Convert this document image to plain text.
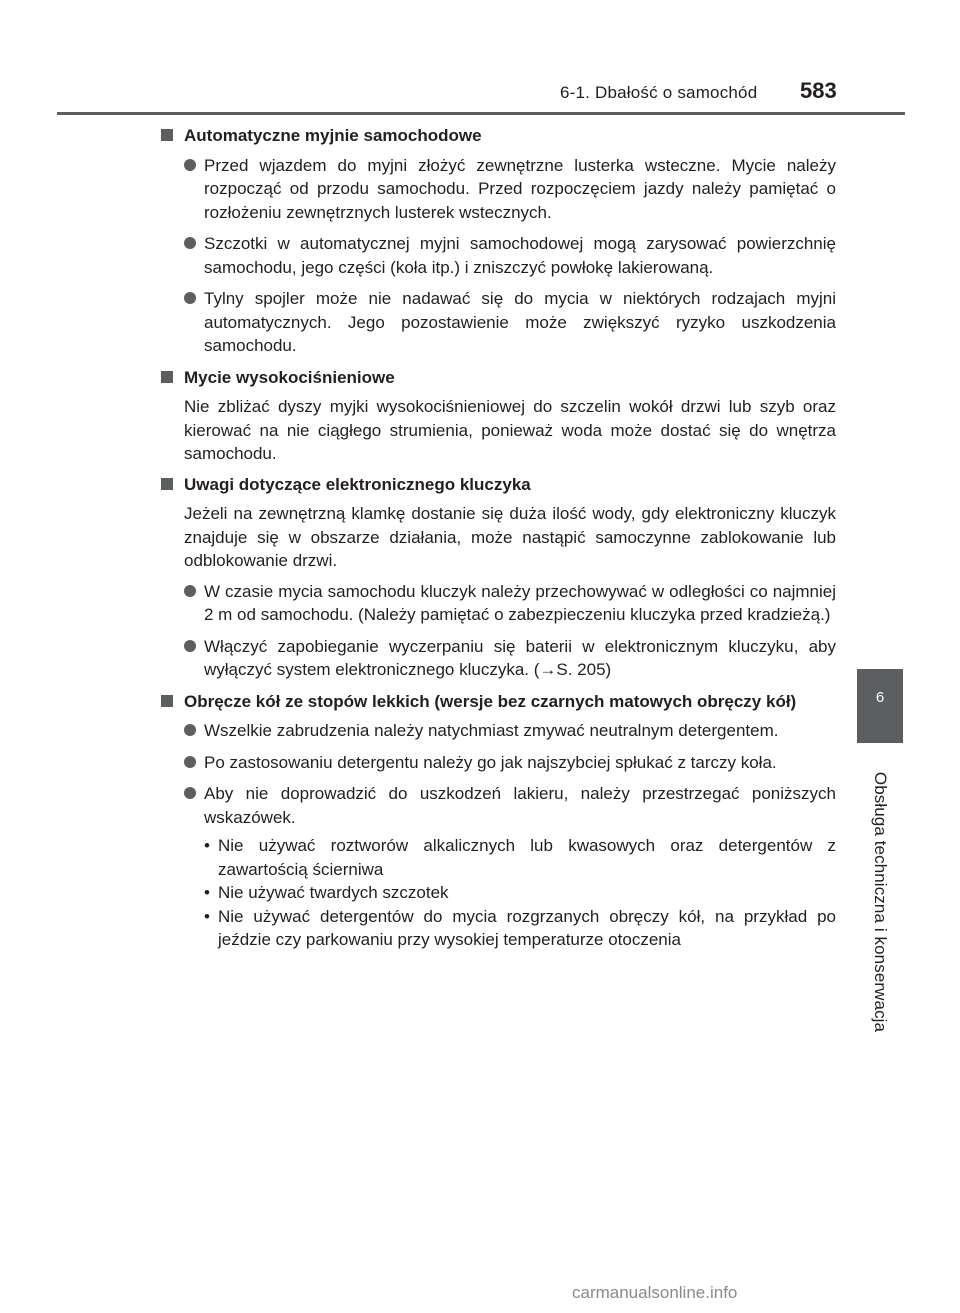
6-1. Dbałość o samochód 583
6
Obsługa techniczna i konserwacja
Automatyczne myjnie samochodowe
Przed wjazdem do myjni złożyć zewnętrzne lusterka wsteczne. Mycie należy rozpocząć od przodu samochodu. Przed rozpoczęciem jazdy należy pamiętać o rozłożeniu zewnętrznych lusterek wstecznych.
Szczotki w automatycznej myjni samochodowej mogą zarysować powierzchnię samochodu, jego części (koła itp.) i zniszczyć powłokę lakierowaną.
Tylny spojler może nie nadawać się do mycia w niektórych rodzajach myjni automatycznych. Jego pozostawienie może zwiększyć ryzyko uszkodzenia samochodu.
Mycie wysokociśnieniowe
Nie zbliżać dyszy myjki wysokociśnieniowej do szczelin wokół drzwi lub szyb oraz kierować na nie ciągłego strumienia, ponieważ woda może dostać się do wnętrza samochodu.
Uwagi dotyczące elektronicznego kluczyka
Jeżeli na zewnętrzną klamkę dostanie się duża ilość wody, gdy elektroniczny kluczyk znajduje się w obszarze działania, może nastąpić samoczynne zablokowanie lub odblokowanie drzwi.
W czasie mycia samochodu kluczyk należy przechowywać w odległości co najmniej 2 m od samochodu. (Należy pamiętać o zabezpieczeniu kluczyka przed kradzieżą.)
Włączyć zapobieganie wyczerpaniu się baterii w elektronicznym kluczyku, aby wyłączyć system elektronicznego kluczyka. (→S. 205)
Obręcze kół ze stopów lekkich (wersje bez czarnych matowych obręczy kół)
Wszelkie zabrudzenia należy natychmiast zmywać neutralnym detergentem.
Po zastosowaniu detergentu należy go jak najszybciej spłukać z tarczy koła.
Aby nie doprowadzić do uszkodzeń lakieru, należy przestrzegać poniższych wskazówek.
• Nie używać roztworów alkalicznych lub kwasowych oraz detergentów z zawartością ścierniwa
• Nie używać twardych szczotek
• Nie używać detergentów do mycia rozgrzanych obręczy kół, na przykład po jeździe czy parkowaniu przy wysokiej temperaturze otoczenia
carmanualsonline.info
